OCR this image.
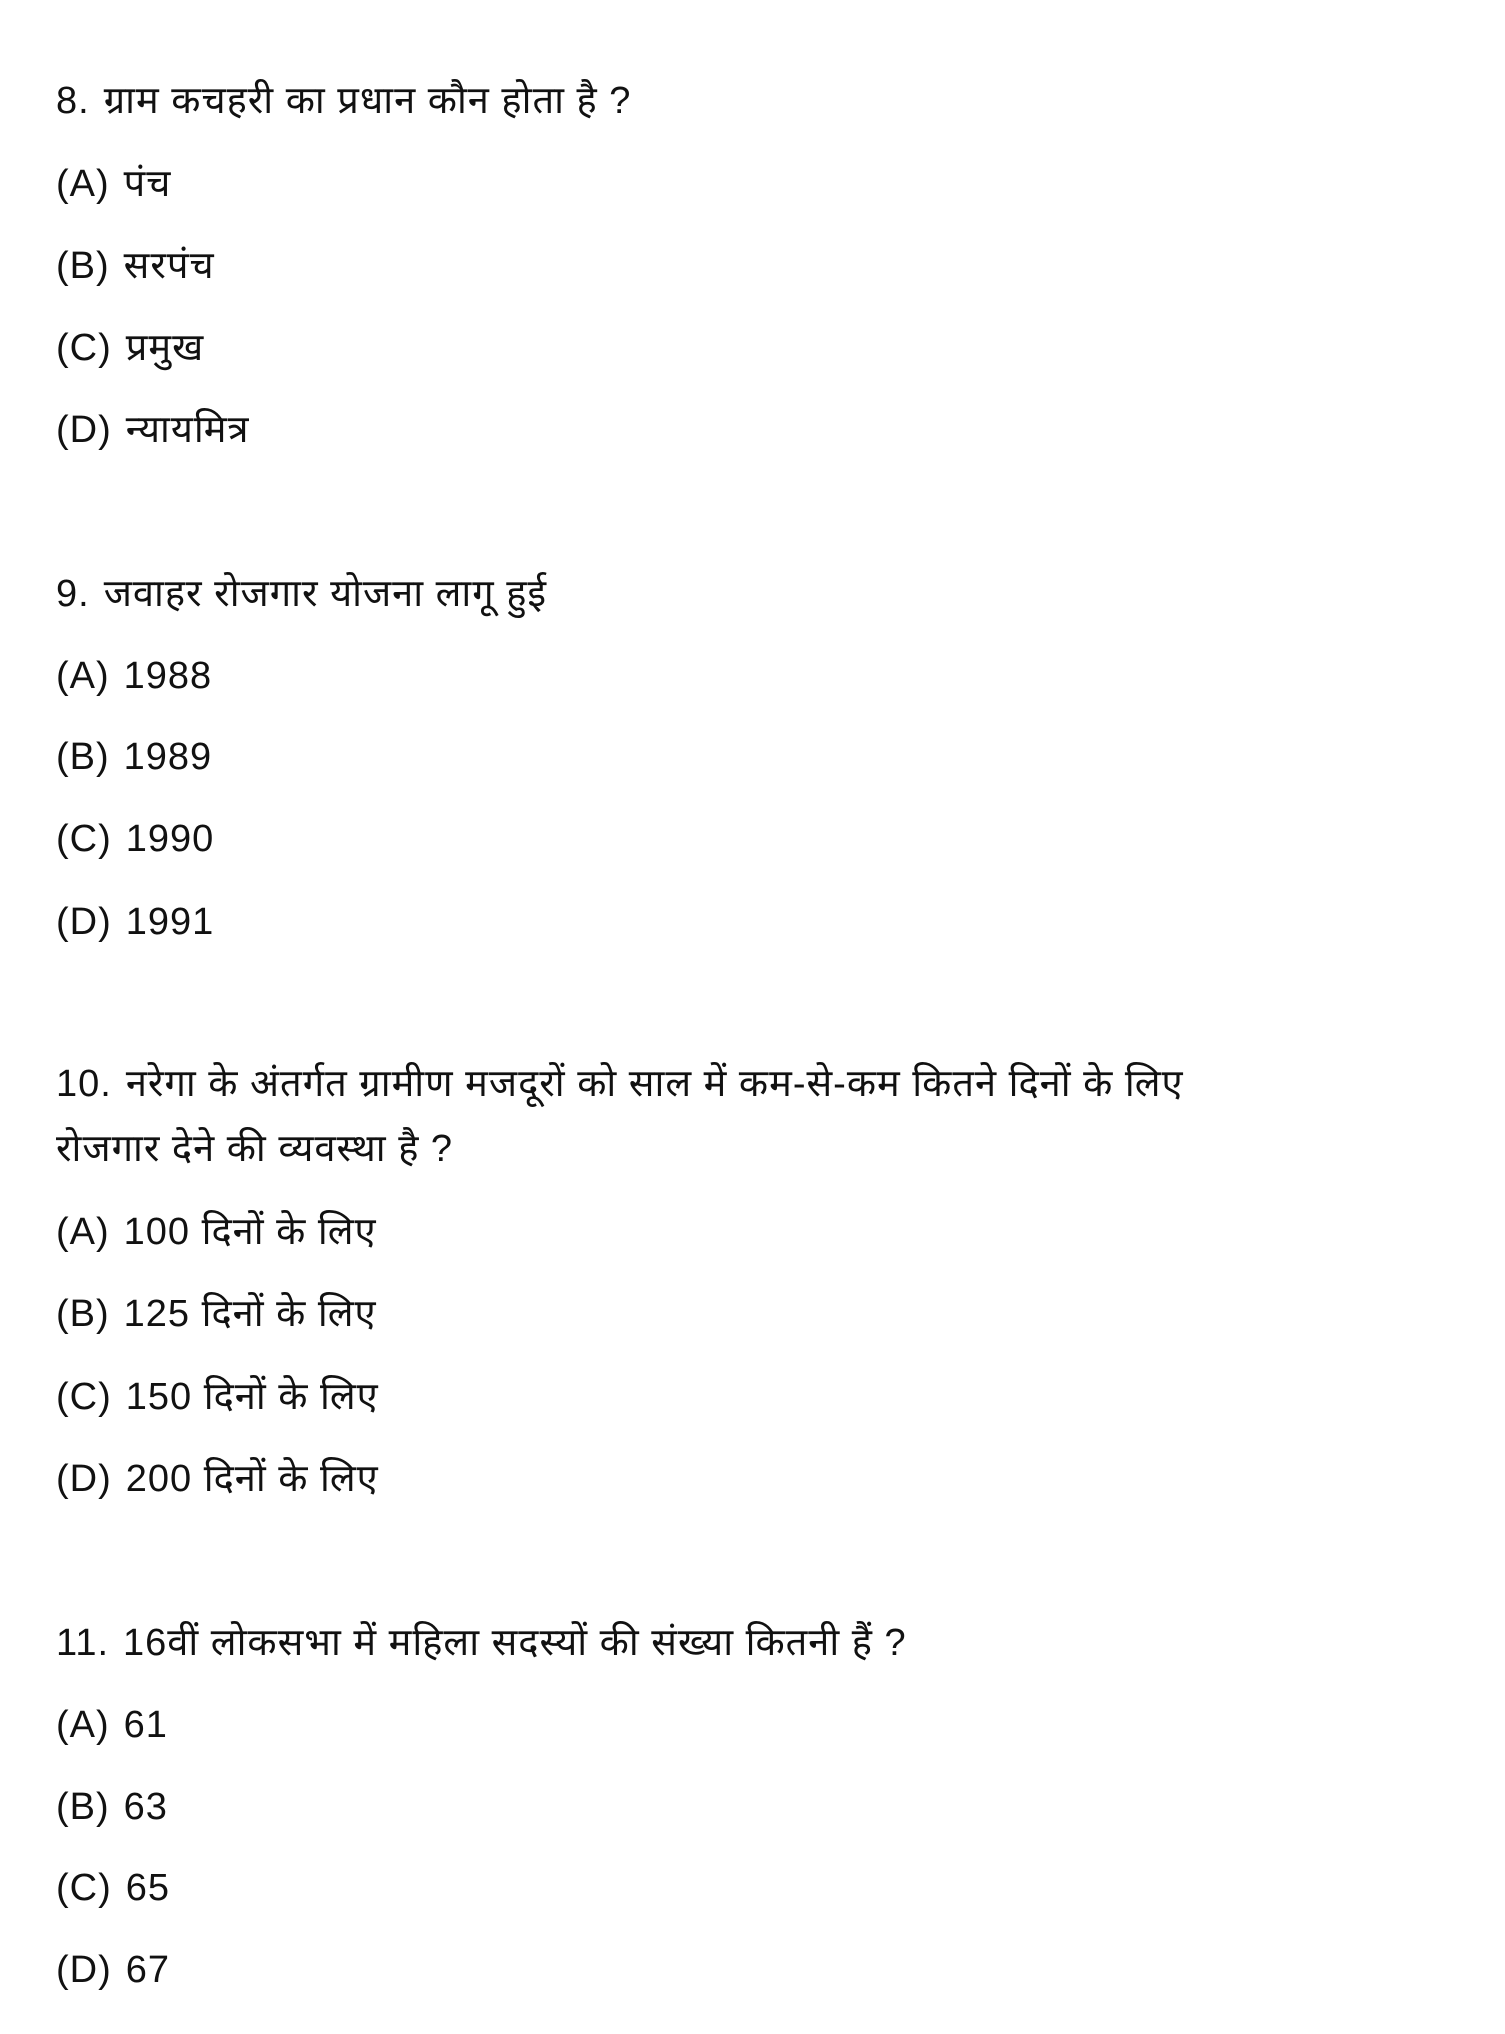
8. ग्राम कचहरी का प्रधान कौन होता है ?
(A) पंच
(B) सरपंच
(C) प्रमुख
(D) न्यायमित्र
9. जवाहर रोजगार योजना लागू हुई
(A) 1988
(B) 1989
(C) 1990
(D) 1991
10. नरेगा के अंतर्गत ग्रामीण मजदूरों को साल में कम-से-कम कितने दिनों के लिए
रोजगार देने की व्यवस्था है ?
(A) 100 दिनों के लिए
(B) 125 दिनों के लिए
(C) 150 दिनों के लिए
(D) 200 दिनों के लिए
11. 16वीं लोकसभा में महिला सदस्यों की संख्या कितनी हैं ?
(A) 61
(B) 63
(C) 65
(D) 67
